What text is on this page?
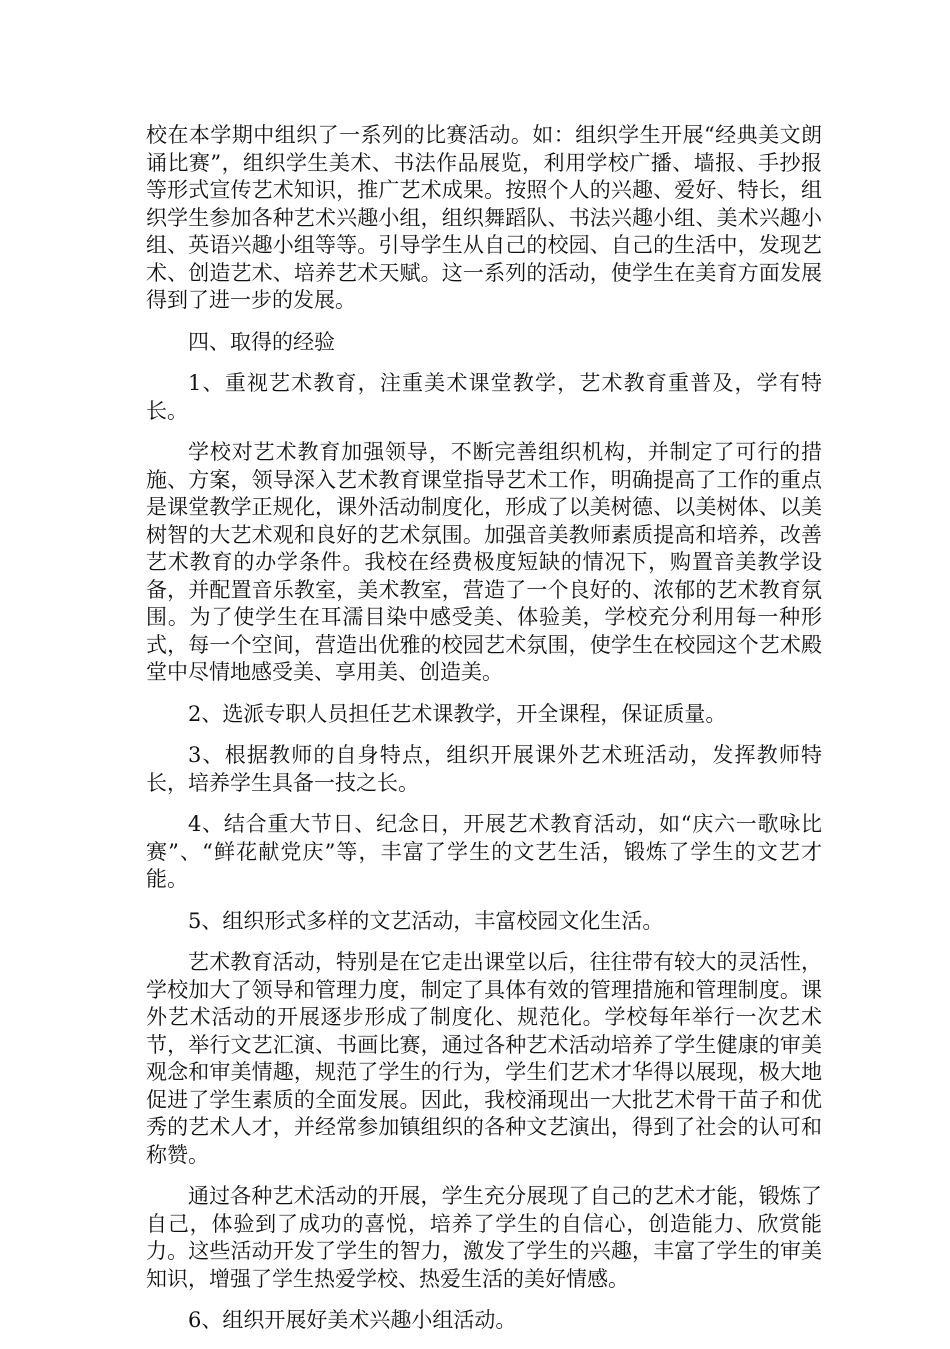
校在本学期中组织了一系列的比赛活动。如：组织学生开展“经典美文朗诵比赛”，组织学生美术、书法作品展览，利用学校广播、墙报、手抄报等形式宣传艺术知识，推广艺术成果。按照个人的兴趣、爱好、特长，组织学生参加各种艺术兴趣小组，组织舞蹈队、书法兴趣小组、美术兴趣小组、英语兴趣小组等等。引导学生从自己的校园、自己的生活中，发现艺术、创造艺术、培养艺术天赋。这一系列的活动，使学生在美育方面发展得到了进一步的发展。

四、取得的经验

1、重视艺术教育，注重美术课堂教学，艺术教育重普及，学有特长。

学校对艺术教育加强领导，不断完善组织机构，并制定了可行的措施、方案，领导深入艺术教育课堂指导艺术工作，明确提高了工作的重点是课堂教学正规化，课外活动制度化，形成了以美树德、以美树体、以美树智的大艺术观和良好的艺术氛围。加强音美教师素质提高和培养，改善艺术教育的办学条件。我校在经费极度短缺的情况下，购置音美教学设备，并配置音乐教室，美术教室，营造了一个良好的、浓郁的艺术教育氛围。为了使学生在耳濡目染中感受美、体验美，学校充分利用每一种形式，每一个空间，营造出优雅的校园艺术氛围，使学生在校园这个艺术殿堂中尽情地感受美、享用美、创造美。

2、选派专职人员担任艺术课教学，开全课程，保证质量。

3、根据教师的自身特点，组织开展课外艺术班活动，发挥教师特长，培养学生具备一技之长。

4、结合重大节日、纪念日，开展艺术教育活动，如“庆六一歌咏比赛”、“鲜花献党庆”等，丰富了学生的文艺生活，锻炼了学生的文艺才能。

5、组织形式多样的文艺活动，丰富校园文化生活。

艺术教育活动，特别是在它走出课堂以后，往往带有较大的灵活性，学校加大了领导和管理力度，制定了具体有效的管理措施和管理制度。课外艺术活动的开展逐步形成了制度化、规范化。学校每年举行一次艺术节，举行文艺汇演、书画比赛，通过各种艺术活动培养了学生健康的审美观念和审美情趣，规范了学生的行为，学生们艺术才华得以展现，极大地促进了学生素质的全面发展。因此，我校涌现出一大批艺术骨干苗子和优秀的艺术人才，并经常参加镇组织的各种文艺演出，得到了社会的认可和称赞。

通过各种艺术活动的开展，学生充分展现了自己的艺术才能，锻炼了自己，体验到了成功的喜悦，培养了学生的自信心，创造能力、欣赏能力。这些活动开发了学生的智力，激发了学生的兴趣，丰富了学生的审美知识，增强了学生热爱学校、热爱生活的美好情感。

6、组织开展好美术兴趣小组活动。
